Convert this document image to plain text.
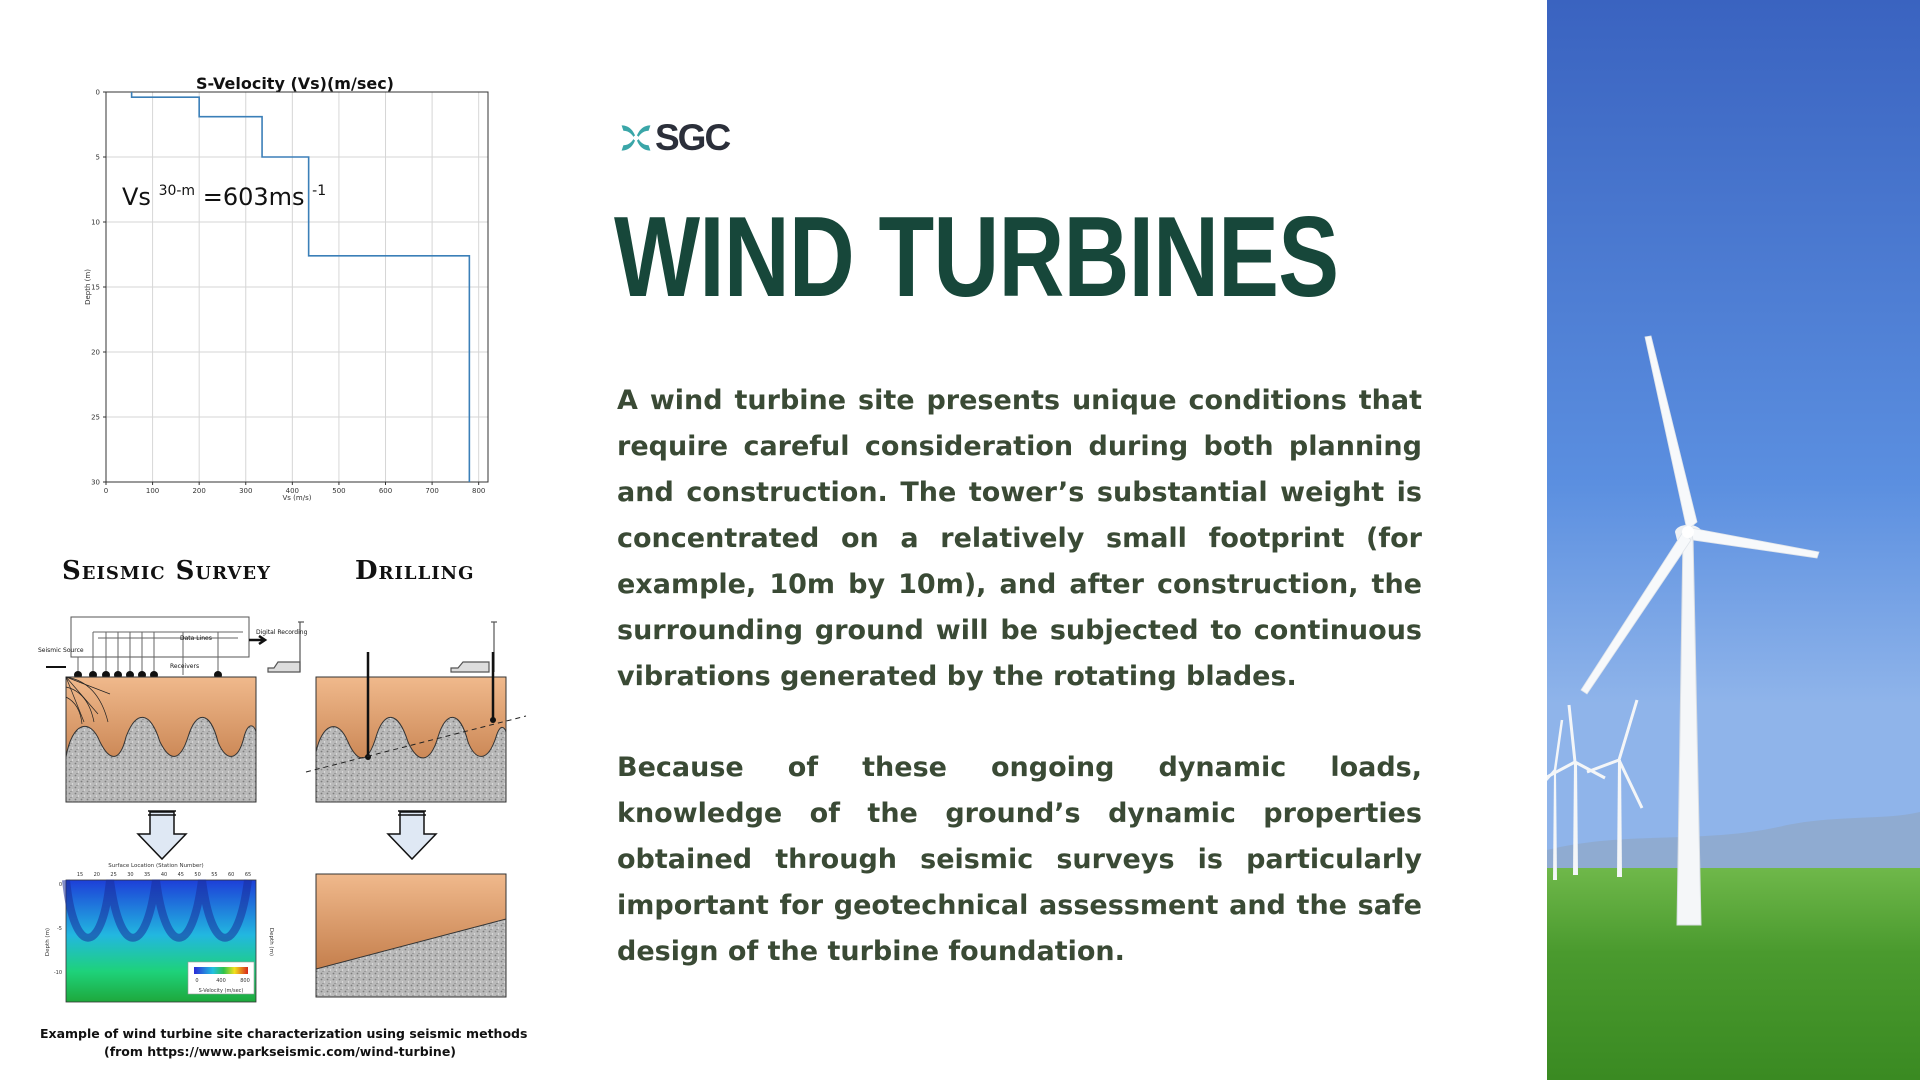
S-Velocity (Vs)(m/sec)
0	100	200	300	400	500	600	700	800
0
5
10
15
20
25
30
Vs (m/s)
Depth (m)
Vs $^{30-m}$ =603ms $^{-1}$
Seismic Survey	Drilling
Data Lines
Digital Recording
Seismic Source
Receivers
Surface Location (Station Number)
15 20 25 30 35 40 45 50 55 60 65
Depth (m)	Depth (m)
0
-5
-10
0	400	800
S-Velocity (m/sec)
Example of wind turbine site characterization using seismic methods
(from https://www.parkseismic.com/wind-turbine)
SGC
WIND TURBINES

A wind turbine site presents unique conditions that require careful consideration during both planning and construction. The tower’s substantial weight is concentrated on a relatively small footprint (for example, 10m by 10m), and after construction, the surrounding ground will be subjected to continuous vibrations generated by the rotating blades.

Because of these ongoing dynamic loads, knowledge of the ground’s dynamic properties obtained through seismic surveys is particularly important for geotechnical assessment and the safe design of the turbine foundation.
